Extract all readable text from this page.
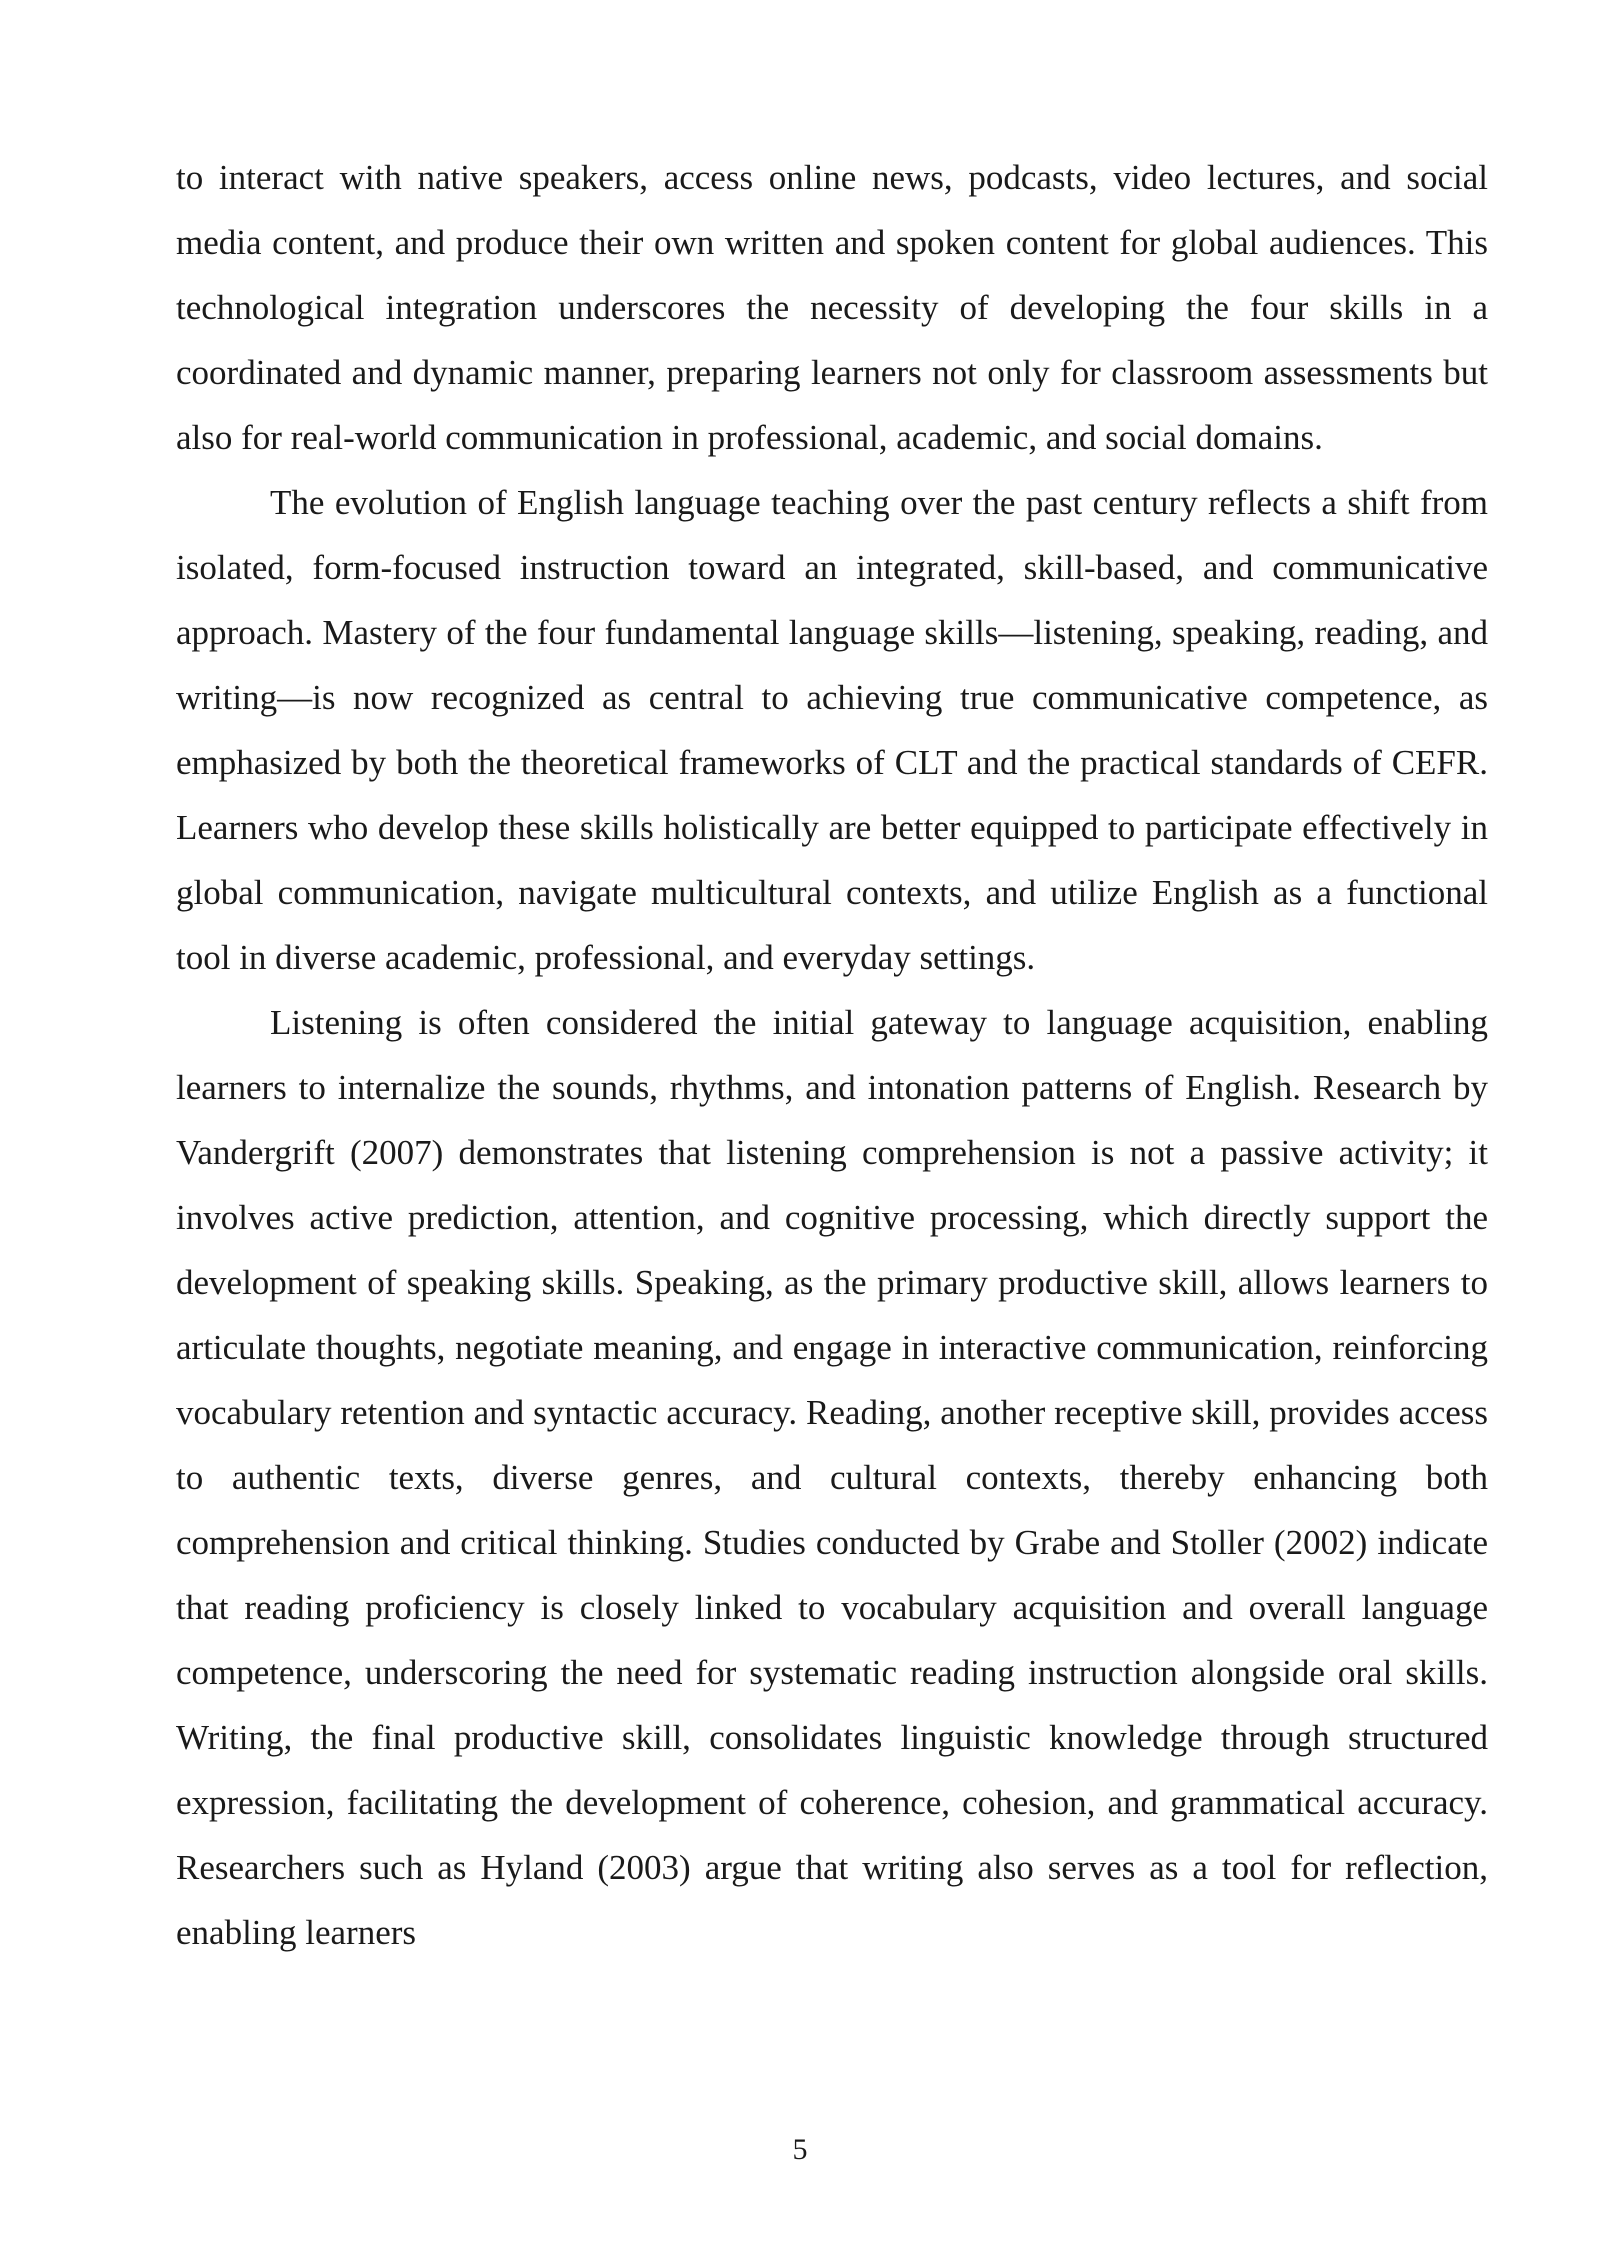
to interact with native speakers, access online news, podcasts, video lectures, and social media content, and produce their own written and spoken content for global audiences. This technological integration underscores the necessity of developing the four skills in a coordinated and dynamic manner, preparing learners not only for classroom assessments but also for real-world communication in professional, academic, and social domains.

The evolution of English language teaching over the past century reflects a shift from isolated, form-focused instruction toward an integrated, skill-based, and communicative approach. Mastery of the four fundamental language skills—listening, speaking, reading, and writing—is now recognized as central to achieving true communicative competence, as emphasized by both the theoretical frameworks of CLT and the practical standards of CEFR. Learners who develop these skills holistically are better equipped to participate effectively in global communication, navigate multicultural contexts, and utilize English as a functional tool in diverse academic, professional, and everyday settings.

Listening is often considered the initial gateway to language acquisition, enabling learners to internalize the sounds, rhythms, and intonation patterns of English. Research by Vandergrift (2007) demonstrates that listening comprehension is not a passive activity; it involves active prediction, attention, and cognitive processing, which directly support the development of speaking skills. Speaking, as the primary productive skill, allows learners to articulate thoughts, negotiate meaning, and engage in interactive communication, reinforcing vocabulary retention and syntactic accuracy. Reading, another receptive skill, provides access to authentic texts, diverse genres, and cultural contexts, thereby enhancing both comprehension and critical thinking. Studies conducted by Grabe and Stoller (2002) indicate that reading proficiency is closely linked to vocabulary acquisition and overall language competence, underscoring the need for systematic reading instruction alongside oral skills. Writing, the final productive skill, consolidates linguistic knowledge through structured expression, facilitating the development of coherence, cohesion, and grammatical accuracy. Researchers such as Hyland (2003) argue that writing also serves as a tool for reflection, enabling learners

5
